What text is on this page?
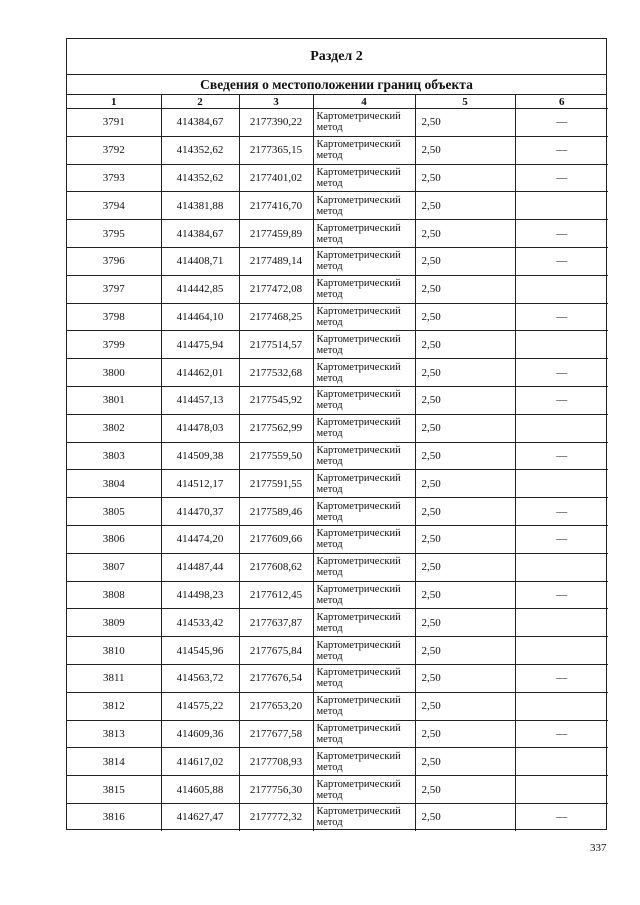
Раздел 2
Сведения о местоположении границ объекта
1	2	3	4	5	6
3791	414384,67	2177390,22	Картометрический метод	2,50	—
3792	414352,62	2177365,15	Картометрический метод	2,50	—
3793	414352,62	2177401,02	Картометрический метод	2,50	—
3794	414381,88	2177416,70	Картометрический метод	2,50	
3795	414384,67	2177459,89	Картометрический метод	2,50	—
3796	414408,71	2177489,14	Картометрический метод	2,50	—
3797	414442,85	2177472,08	Картометрический метод	2,50	
3798	414464,10	2177468,25	Картометрический метод	2,50	—
3799	414475,94	2177514,57	Картометрический метод	2,50	
3800	414462,01	2177532,68	Картометрический метод	2,50	—
3801	414457,13	2177545,92	Картометрический метод	2,50	—
3802	414478,03	2177562,99	Картометрический метод	2,50	
3803	414509,38	2177559,50	Картометрический метод	2,50	—
3804	414512,17	2177591,55	Картометрический метод	2,50	
3805	414470,37	2177589,46	Картометрический метод	2,50	—
3806	414474,20	2177609,66	Картометрический метод	2,50	—
3807	414487,44	2177608,62	Картометрический метод	2,50	
3808	414498,23	2177612,45	Картометрический метод	2,50	—
3809	414533,42	2177637,87	Картометрический метод	2,50	
3810	414545,96	2177675,84	Картометрический метод	2,50	
3811	414563,72	2177676,54	Картометрический метод	2,50	—
3812	414575,22	2177653,20	Картометрический метод	2,50	
3813	414609,36	2177677,58	Картометрический метод	2,50	—
3814	414617,02	2177708,93	Картометрический метод	2,50	
3815	414605,88	2177756,30	Картометрический метод	2,50	
3816	414627,47	2177772,32	Картометрический метод	2,50	—
337
